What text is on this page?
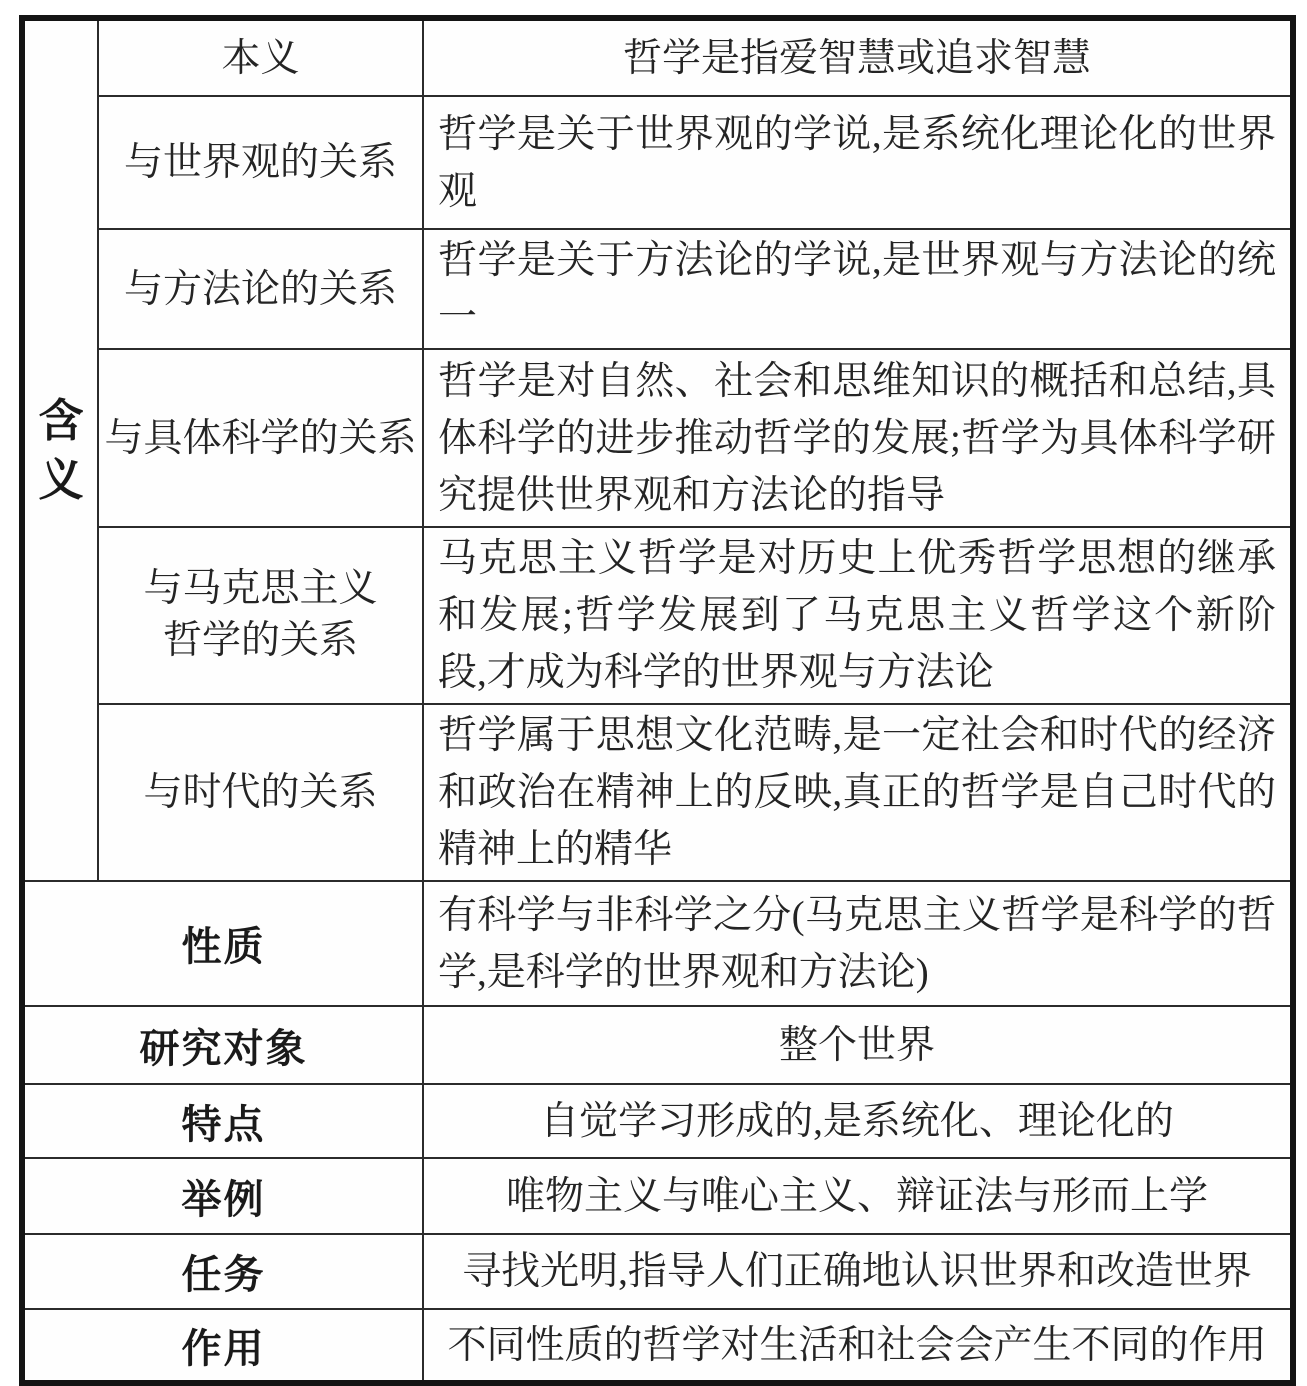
含义	本义	哲学是指爱智慧或追求智慧
	与世界观的关系	哲学是关于世界观的学说,是系统化理论化的世界观
	与方法论的关系	哲学是关于方法论的学说,是世界观与方法论的统一
	与具体科学的关系	哲学是对自然、社会和思维知识的概括和总结,具体科学的进步推动哲学的发展;哲学为具体科学研究提供世界观和方法论的指导
	与马克思主义哲学的关系	马克思主义哲学是对历史上优秀哲学思想的继承和发展;哲学发展到了马克思主义哲学这个新阶段,才成为科学的世界观与方法论
	与时代的关系	哲学属于思想文化范畴,是一定社会和时代的经济和政治在精神上的反映,真正的哲学是自己时代的精神上的精华
性质		有科学与非科学之分(马克思主义哲学是科学的哲学,是科学的世界观和方法论)
研究对象		整个世界
特点		自觉学习形成的,是系统化、理论化的
举例		唯物主义与唯心主义、辩证法与形而上学
任务		寻找光明,指导人们正确地认识世界和改造世界
作用		不同性质的哲学对生活和社会会产生不同的作用
